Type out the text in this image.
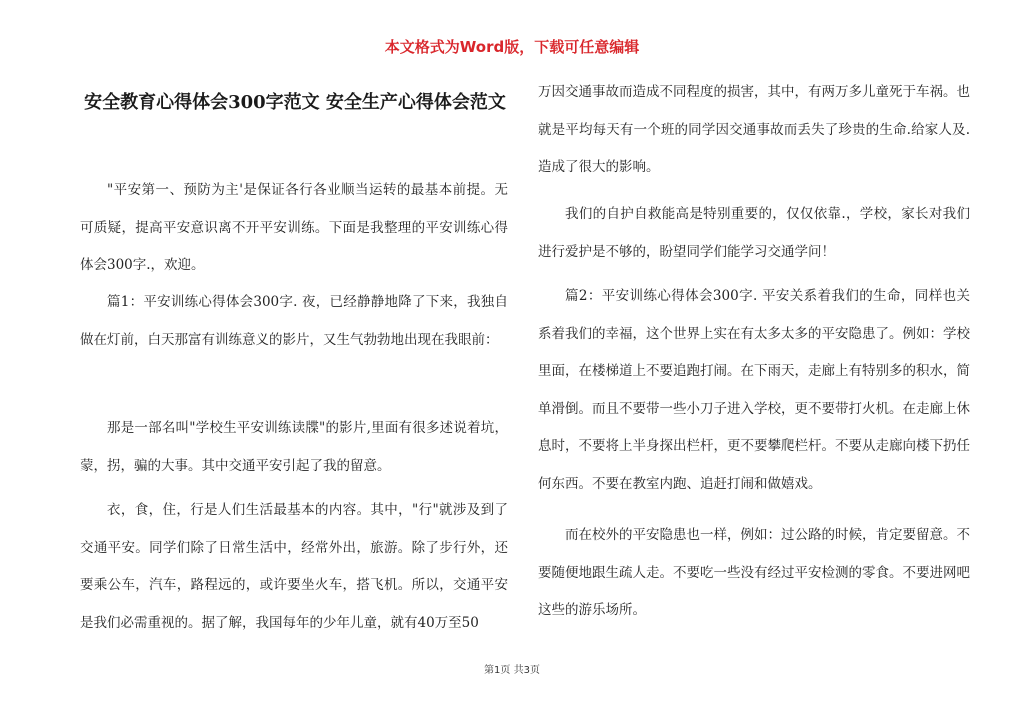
本文格式为Word版，下载可任意编辑
安全教育心得体会300字范文 安全生产心得体会范文

"平安第一、预防为主'是保证各行各业顺当运转的最基本前提。无可质疑，提高平安意识离不开平安训练。下面是我整理的平安训练心得体会300字.，欢迎。

篇1：平安训练心得体会300字. 夜，已经静静地降了下来，我独自做在灯前，白天那富有训练意义的影片，又生气勃勃地出现在我眼前：

那是一部名叫"学校生平安训练读牒"的影片,里面有很多述说着坑，蒙，拐，骗的大事。其中交通平安引起了我的留意。

衣，食，住，行是人们生活最基本的内容。其中，"行"就涉及到了交通平安。同学们除了日常生活中，经常外出，旅游。除了步行外，还要乘公车，汽车，路程远的，或许要坐火车，搭飞机。所以，交通平安是我们必需重视的。据了解，我国每年的少年儿童，就有40万至50

万因交通事故而造成不同程度的损害，其中，有两万多儿童死于车祸。也就是平均每天有一个班的同学因交通事故而丢失了珍贵的生命.给家人及.造成了很大的影响。

我们的自护自救能高是特别重要的，仅仅依靠.，学校，家长对我们进行爱护是不够的，盼望同学们能学习交通学问！

篇2：平安训练心得体会300字. 平安关系着我们的生命，同样也关系着我们的幸福，这个世界上实在有太多太多的平安隐患了。例如：学校里面，在楼梯道上不要追跑打闹。在下雨天，走廊上有特别多的积水，简单滑倒。而且不要带一些小刀子进入学校，更不要带打火机。在走廊上休息时，不要将上半身探出栏杆，更不要攀爬栏杆。不要从走廊向楼下扔任何东西。不要在教室内跑、追赶打闹和做嬉戏。

而在校外的平安隐患也一样，例如：过公路的时候，肯定要留意。不要随便地跟生疏人走。不要吃一些没有经过平安检测的零食。不要进网吧这些的游乐场所。

第1页 共3页
